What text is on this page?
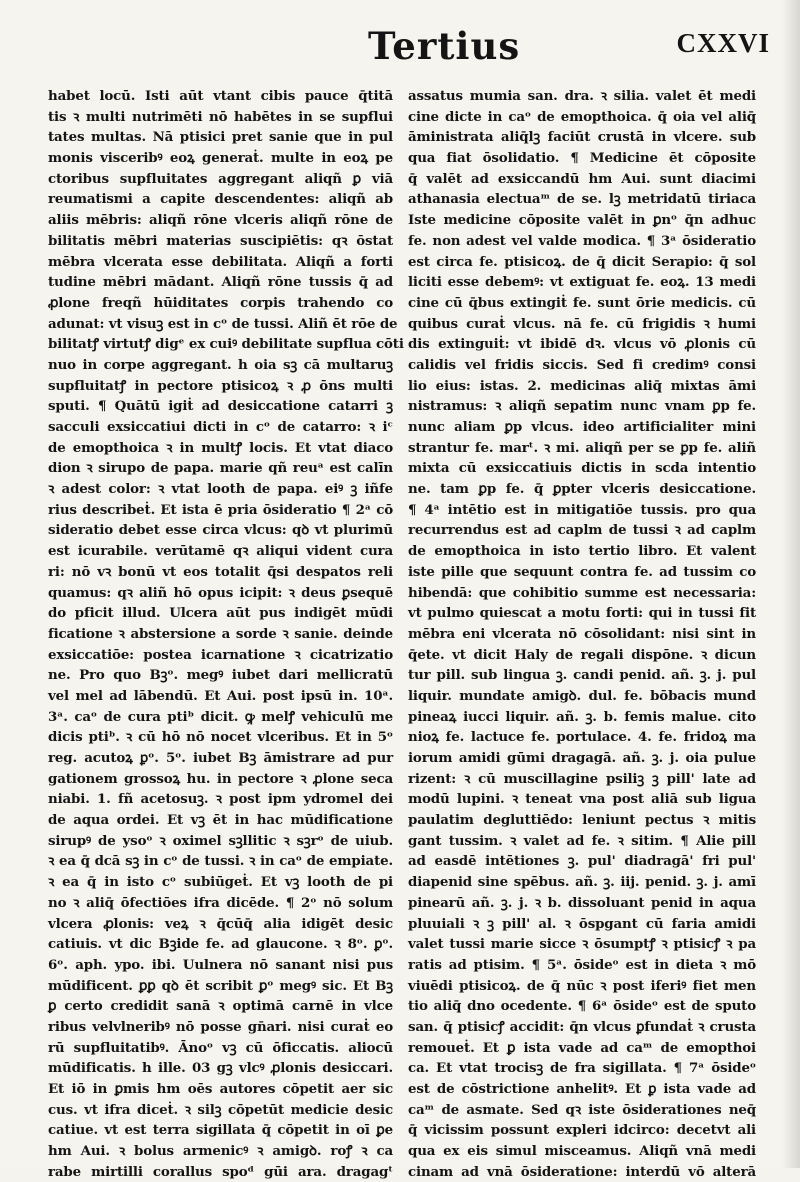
Tertius	CXXVI
habet locū. Isti aūt vtant cibis pauce q̄titā
tis ꝛ multi nutrimēti nō habētes in se supflui
tates multas. Nā ptisici pret sanie que in pul
monis visceribꝰ eoꝝ generaṫ. multe in eoꝝ pe
ctoribus supfluitates aggregant aliqñ ꝑ viā
reumatismi a capite descendentes: aliqñ ab
aliis mēbris: aliqñ rōne vlceris aliqñ rōne de
bilitatis mēbri materias suscipiētis: qꝛ ōstat
mēbra vlcerata esse debilitata. Aliqñ a forti
tudine mēbri mādant. Aliqñ rōne tussis q̄ ad
ꝓlone freqñ hūiditates corpis trahendo co
adunat: vt visuꝫ est in cᵒ de tussi. Aliñ ēt rōe de
bilitatꝭ virtutꝭ digᵉ ex cuiꝰ debilitate supflua cōti
nuo in corpe aggregant. h oia sꝫ cā multaruꝫ
supfluitatꝭ in pectore ptisicoꝝ ꝛ ꝓ ōns multi
sputi. ¶ Quātū igiṫ ad desiccatione catarri ꝫ
sacculi exsiccatiui dicti in cᵒ de catarro: ꝛ iᶜ
de emopthoica ꝛ in multꝭ locis. Et vtat diaco
dion ꝛ sirupo de papa. marie qñ reuᵃ est calīn
ꝛ adest color: ꝛ vtat looth de papa. eiꝰ ꝫ iñfe
rius describeṫ. Et ista ē pria ōsideratio ¶ 2ᵃ cō
sideratio debet esse circa vlcus: qꝺ vt plurimū
est icurabile. verūtamē qꝛ aliqui vident cura
ri: nō vꝛ bonū vt eos totalit q̄si despatos reli
quamus: qꝛ aliñ hō opus icipit: ꝛ deus ꝑsequē
do pficit illud. Ulcera aūt pus indigēt mūdi
ficatione ꝛ abstersione a sorde ꝛ sanie. deinde
exsiccatiōe: postea icarnatione ꝛ cicatrizatio
ne. Pro quo Bꝫᵒ. megꝰ iubet dari mellicratū
vel mel ad lābendū. Et Aui. post ipsū in. 10ᵃ.
3ᵃ. caᵒ de cura ptiᵇ dicit. ꝙ melꝭ vehiculū me
dicis ptiᵇ. ꝛ cū hō nō nocet vlceribus. Et in 5ᵒ
reg. acutoꝝ ꝑᵒ. 5ᵒ. iubet Bꝫ āmistrare ad pur
gationem grossoꝝ hu. in pectore ꝛ ꝓlone seca
niabi. 1. fñ acetosuꝫ. ꝛ post ipm ydromel dei
de aqua ordei. Et vꝫ ēt in hac mūdificatione
sirupꝰ de ysoᵒ ꝛ oximel sꝫllitic ꝛ sꝫrᵒ de uiub.
ꝛ ea q̄ dcā sꝫ in cᵒ de tussi. ꝛ in caᵒ de empiate.
ꝛ ea q̄ in isto cᵒ subiūgeṫ. Et vꝫ looth de pi
no ꝛ aliq̄ ōfectiōes ifra dicēde. ¶ 2ᵒ nō solum
vlcera ꝓlonis: veꝝ ꝛ q̄cūq̄ alia idigēt desic
catiuis. vt dic Bꝫide fe. ad glaucone. ꝛ 8ᵒ. ꝑᵒ.
6ᵒ. aph. ypo. ibi. Uulnera nō sanant nisi pus
mūdificent. ꝑꝑ qꝺ ēt scribit ꝑᵒ megꝰ sic. Et Bꝫ
ꝑ certo credidit sanā ꝛ optimā carnē in vlce
ribus velvlneribꝰ nō posse gn̄ari. nisi curaṫ eo
rū supfluitatibꝰ. Ānoᵒ vꝫ cū ōficcatis. aliocū
mūdificatis. h ille. 03 gꝫ vlcꝰ ꝓlonis desiccari.
Et iō in ꝑmis hm oēs autores cōpetit aer sic
cus. vt ifra diceṫ. ꝛ silꝫ cōpetūt medicie desic
catiue. vt est terra sigillata q̄ cōpetit in oī ꝑe
hm Aui. ꝛ bolus armenicꝰ ꝛ amigꝺ. roꝭ ꝛ ca
rabe mirtilli corallus spoᵈ gūi ara. dragagᵗ
assatus mumia san. dra. ꝛ silia. valet ēt medi
cine dicte in caᵒ de emopthoica. q̄ oia vel aliq̄
āministrata aliq̄lꝫ faciūt crustā in vlcere. sub
qua fiat ōsolidatio. ¶ Medicine ēt cōposite
q̄ valēt ad exsiccandū hm Aui. sunt diacimi
athanasia electuaᵐ de se. lꝫ metridatū tiriaca
Iste medicine cōposite valēt in ꝑnᵒ q̄n adhuc
fe. non adest vel valde modica. ¶ 3ᵃ ōsideratio
est circa fe. ptisicoꝝ. de q̄ dicit Serapio: q̄ sol
liciti esse debemꝰ: vt extiguat fe. eoꝝ. 13 medi
cine cū q̄bus extingiṫ fe. sunt ōrie medicis. cū
quibus curaṫ vlcus. nā fe. cū frigidis ꝛ humi
dis extinguiṫ: vt ibidē dꝛ. vlcus vō ꝓlonis cū
calidis vel fridis siccis. Sed fi credimꝰ consi
lio eius: istas. 2. medicinas aliq̄ mixtas āmi
nistramus: ꝛ aliqñ sepatim nunc vnam ꝑp fe.
nunc aliam ꝑp vlcus. ideo artificialiter mini
strantur fe. marᵗ. ꝛ mi. aliqñ per se ꝑp fe. aliñ
mixta cū exsiccatiuis dictis in scda intentio
ne. tam ꝑp fe. q̄ ꝑpter vlceris desiccatione.
¶ 4ᵃ intētio est in mitigatiōe tussis. pro qua
recurrendus est ad caplm de tussi ꝛ ad caplm
de emopthoica in isto tertio libro. Et valent
iste pille que sequunt contra fe. ad tussim co
hibendā: que cohibitio summe est necessaria:
vt pulmo quiescat a motu forti: qui in tussi fit
mēbra eni vlcerata nō cōsolidant: nisi sint in
q̄ete. vt dicit Haly de regali dispōne. ꝛ dicun
tur pill. sub lingua ꝫ. candi penid. añ. ꝫ. j. pul
liquir. mundate amigꝺ. dul. fe. bōbacis mund
pineaꝝ iucci liquir. añ. ꝫ. b. femis malue. cito
nioꝝ fe. lactuce fe. portulace. 4. fe. fridoꝝ ma
iorum amidi gūmi dragagā. añ. ꝫ. j. oia pulue
rizent: ꝛ cū muscillagine psiliꝫ ꝫ pill' late ad
modū lupini. ꝛ teneat vna post aliā sub ligua
paulatim degluttiēdo: leniunt pectus ꝛ mitis
gant tussim. ꝛ valet ad fe. ꝛ sitim. ¶ Alie pill
ad easdē intētiones ꝫ. pul' diadragā' fri pul'
diapenid sine spēbus. añ. ꝫ. iij. penid. ꝫ. j. amī
pinearū añ. ꝫ. j. ꝛ b. dissoluant penid in aqua
pluuiali ꝛ ꝫ pill' al. ꝛ ōspgant cū faria amidi
valet tussi marie sicce ꝛ ōsumptꝭ ꝛ ptisicꝭ ꝛ pa
ratis ad ptisim. ¶ 5ᵃ. ōsideᵒ est in dieta ꝛ mō
viuēdi ptisicoꝝ. de q̄ nūc ꝛ post iferiꝰ fiet men
tio aliq̄ dno ocedente. ¶ 6ᵃ ōsideᵒ est de sputo
san. q̄ ptisicꝭ accidit: q̄n vlcus ꝑfundaṫ ꝛ crusta
remoueṫ. Et ꝑ ista vade ad caᵐ de emopthoi
ca. Et vtat trocisꝫ de fra sigillata. ¶ 7ᵃ ōsideᵒ
est de cōstrictione anhelitꝰ. Et ꝑ ista vade ad
caᵐ de asmate. Sed qꝛ iste ōsiderationes neq̄
q̄ vicissim possunt expleri idcirco: decetvt ali
qua ex eis simul misceamus. Aliqñ vnā medi
cinam ad vnā ōsideratione: interdū vō alterā
